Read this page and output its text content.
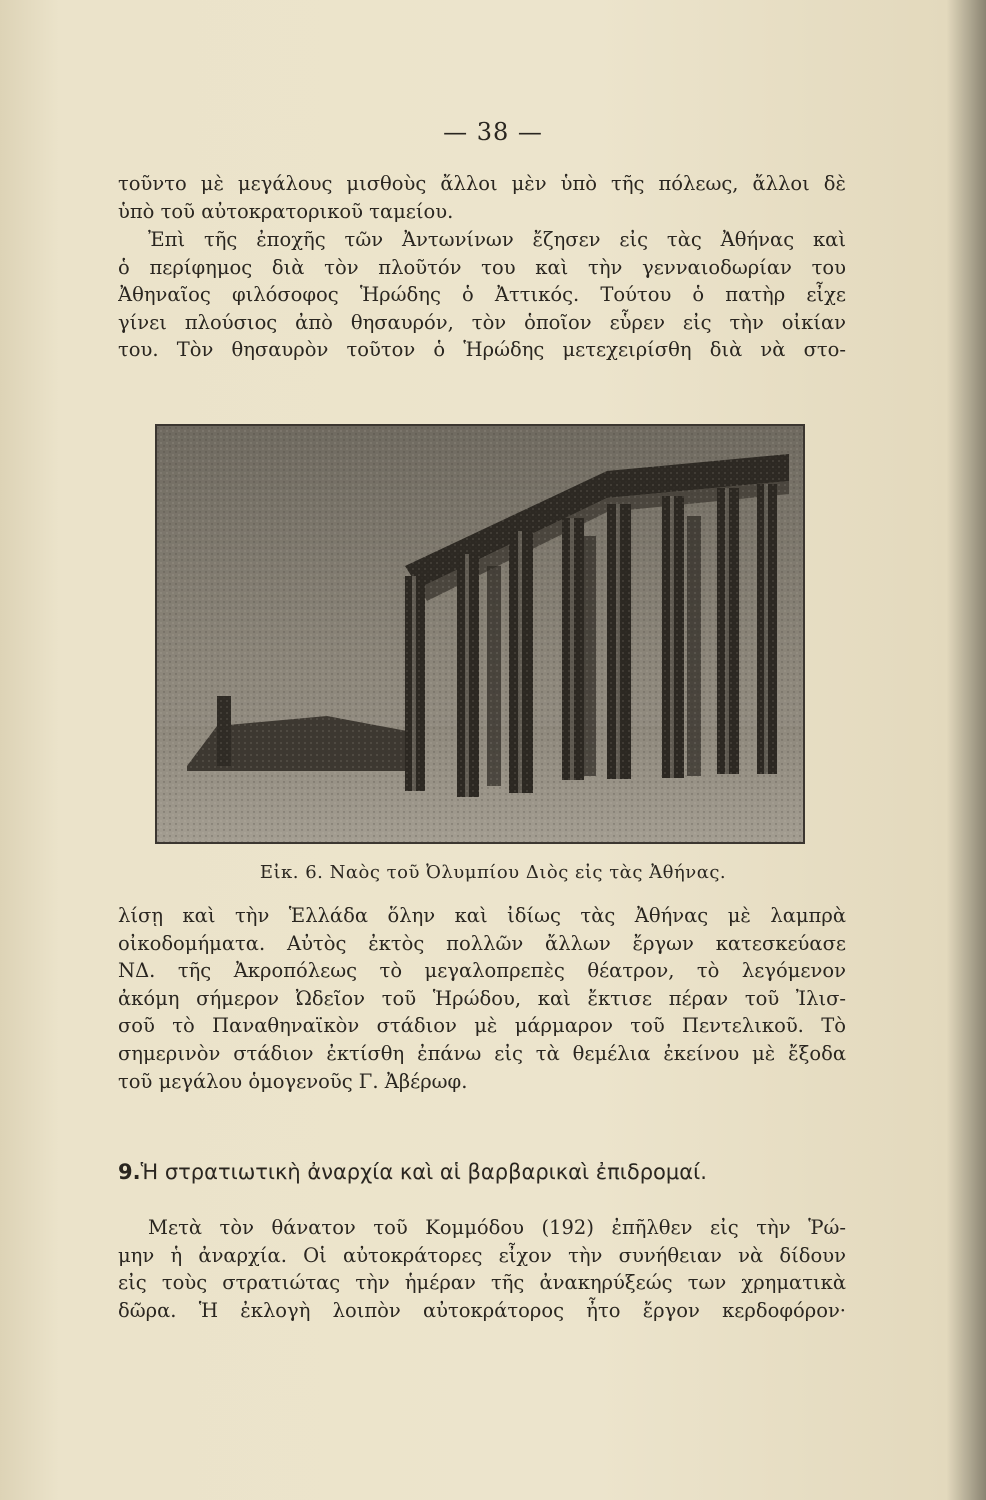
— 38 —
τοῦντο μὲ μεγάλους μισθοὺς ἄλλοι μὲν ὑπὸ τῆς πόλεως, ἄλλοι δὲ
ὑπὸ τοῦ αὐτοκρατορικοῦ ταμείου.
Ἐπὶ τῆς ἐποχῆς τῶν Ἀντωνίνων ἔζησεν εἰς τὰς Ἀθήνας καὶ
ὁ περίφημος διὰ τὸν πλοῦτόν του καὶ τὴν γενναιοδωρίαν του
Ἀθηναῖος φιλόσοφος Ἡρώδης ὁ Ἀττικός. Τούτου ὁ πατὴρ εἶχε
γίνει πλούσιος ἀπὸ θησαυρόν, τὸν ὁποῖον εὗρεν εἰς τὴν οἰκίαν
του. Τὸν θησαυρὸν τοῦτον ὁ Ἡρώδης μετεχειρίσθη διὰ νὰ στο-
Εἰκ. 6. Ναὸς τοῦ Ὀλυμπίου Διὸς εἰς τὰς Ἀθήνας.
λίσῃ καὶ τὴν Ἑλλάδα ὅλην καὶ ἰδίως τὰς Ἀθήνας μὲ λαμπρὰ
οἰκοδομήματα. Αὐτὸς ἐκτὸς πολλῶν ἄλλων ἔργων κατεσκεύασε
ΝΔ. τῆς Ἀκροπόλεως τὸ μεγαλοπρεπὲς θέατρον, τὸ λεγόμενον
ἀκόμη σήμερον Ὠδεῖον τοῦ Ἡρώδου, καὶ ἔκτισε πέραν τοῦ Ἰλισ-
σοῦ τὸ Παναθηναϊκὸν στάδιον μὲ μάρμαρον τοῦ Πεντελικοῦ. Τὸ
σημερινὸν στάδιον ἐκτίσθη ἐπάνω εἰς τὰ θεμέλια ἐκείνου μὲ ἔξοδα
τοῦ μεγάλου ὁμογενοῦς Γ. Ἀβέρωφ.
9.Ἡ στρατιωτικὴ ἀναρχία καὶ αἱ βαρβαρικαὶ ἐπιδρομαί.
Μετὰ τὸν θάνατον τοῦ Κομμόδου (192) ἐπῆλθεν εἰς τὴν Ῥώ-
μην ἡ ἀναρχία. Οἱ αὐτοκράτορες εἶχον τὴν συνήθειαν νὰ δίδουν
εἰς τοὺς στρατιώτας τὴν ἡμέραν τῆς ἀνακηρύξεώς των χρηματικὰ
δῶρα. Ἡ ἐκλογὴ λοιπὸν αὐτοκράτορος ἦτο ἔργον κερδοφόρον·
